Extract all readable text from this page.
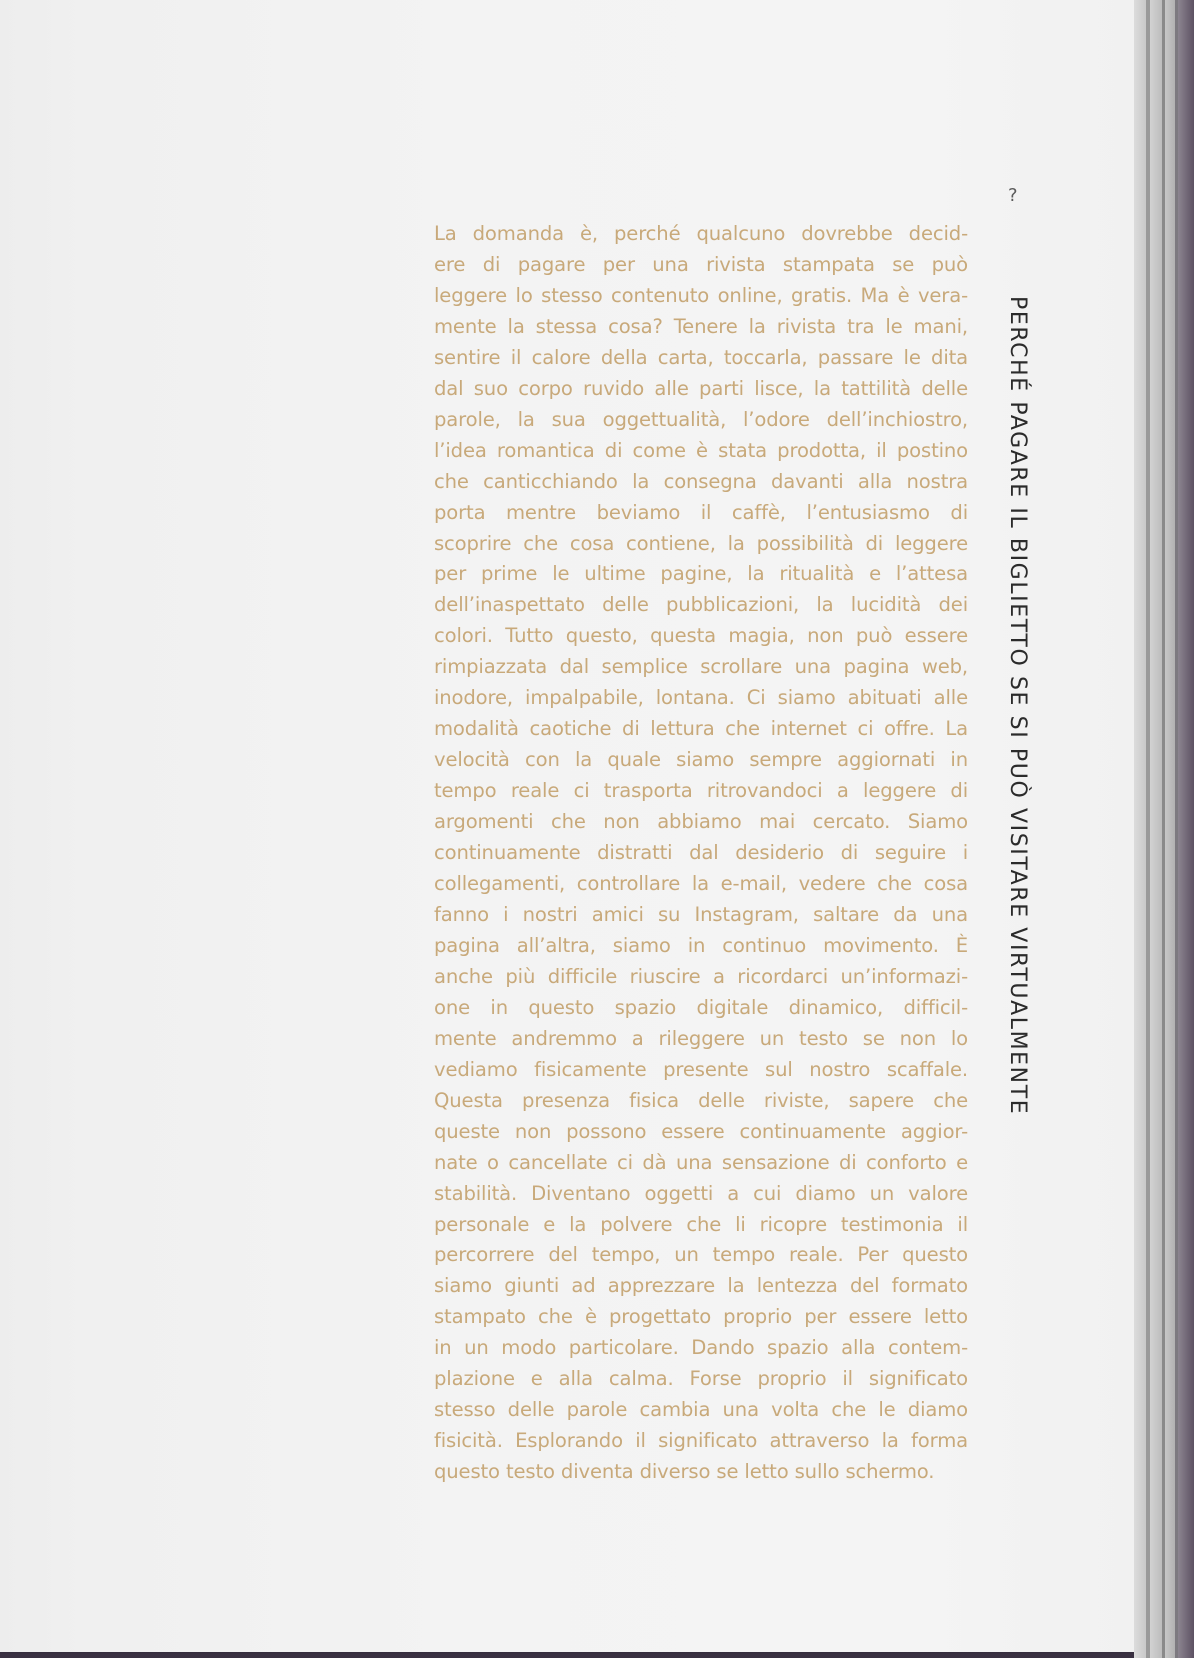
?
La domanda è, perché qualcuno dovrebbe decid-
ere di pagare per una rivista stampata se può
leggere lo stesso contenuto online, gratis. Ma è vera-
mente la stessa cosa? Tenere la rivista tra le mani,
sentire il calore della carta, toccarla, passare le dita
dal suo corpo ruvido alle parti lisce, la tattilità delle
parole, la sua oggettualità, l’odore dell’inchiostro,
l’idea romantica di come è stata prodotta, il postino
che canticchiando la consegna davanti alla nostra
porta mentre beviamo il caffè, l’entusiasmo di
scoprire che cosa contiene, la possibilità di leggere
per prime le ultime pagine, la ritualità e l’attesa
dell’inaspettato delle pubblicazioni, la lucidità dei
colori. Tutto questo, questa magia, non può essere
rimpiazzata dal semplice scrollare una pagina web,
inodore, impalpabile, lontana. Ci siamo abituati alle
modalità caotiche di lettura che internet ci offre. La
velocità con la quale siamo sempre aggiornati in
tempo reale ci trasporta ritrovandoci a leggere di
argomenti che non abbiamo mai cercato. Siamo
continuamente distratti dal desiderio di seguire i
collegamenti, controllare la e-mail, vedere che cosa
fanno i nostri amici su Instagram, saltare da una
pagina all’altra, siamo in continuo movimento. È
anche più difficile riuscire a ricordarci un’informazi-
one in questo spazio digitale dinamico, difficil-
mente andremmo a rileggere un testo se non lo
vediamo fisicamente presente sul nostro scaffale.
Questa presenza fisica delle riviste, sapere che
queste non possono essere continuamente aggior-
nate o cancellate ci dà una sensazione di conforto e
stabilità. Diventano oggetti a cui diamo un valore
personale e la polvere che li ricopre testimonia il
percorrere del tempo, un tempo reale. Per questo
siamo giunti ad apprezzare la lentezza del formato
stampato che è progettato proprio per essere letto
in un modo particolare. Dando spazio alla contem-
plazione e alla calma. Forse proprio il significato
stesso delle parole cambia una volta che le diamo
fisicità. Esplorando il significato attraverso la forma
questo testo diventa diverso se letto sullo schermo.
PERCHÉ PAGARE IL BIGLIETTO SE SI PUÒ VISITARE VIRTUALMENTE
